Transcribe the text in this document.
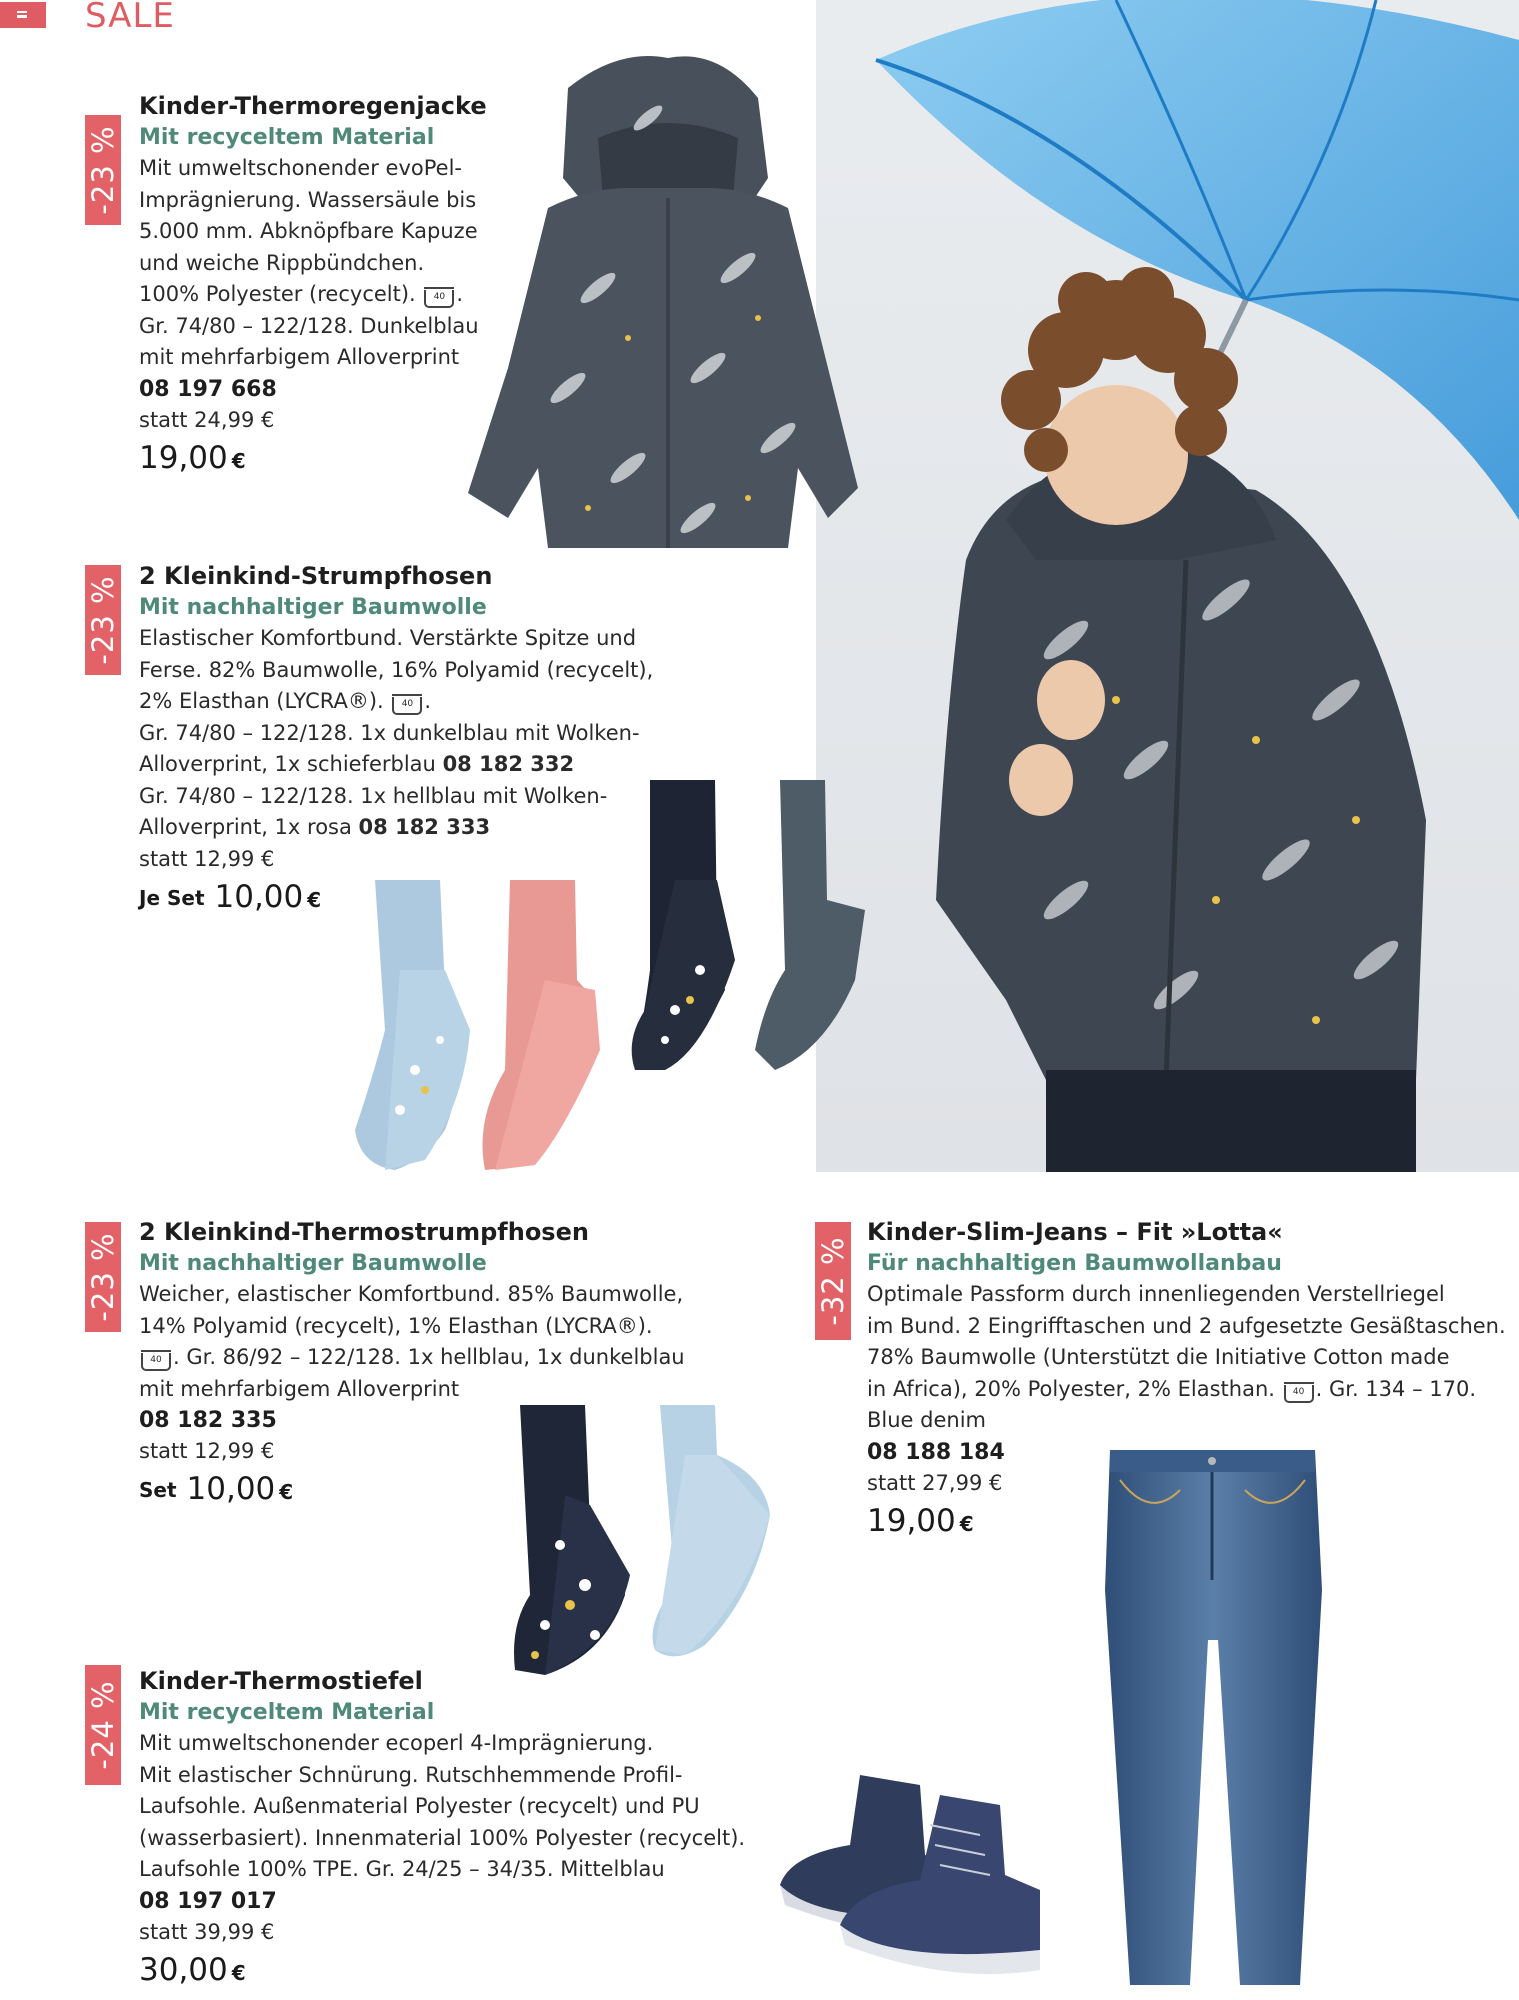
SALE
-23 %
Kinder-Thermoregenjacke
Mit recyceltem Material
Mit umweltschonender evoPel-
Imprägnierung. Wassersäule bis
5.000 mm. Abknöpfbare Kapuze
und weiche Rippbündchen.
100% Polyester (recycelt). 40 .
Gr. 74/80 – 122/128. Dunkelblau
mit mehrfarbigem Alloverprint
08 197 668
statt 24,99 €
19,00 €
-23 % 2 Kleinkind-Strumpfhosen
Mit nachhaltiger Baumwolle
Elastischer Komfortbund. Verstärkte Spitze und
Ferse. 82% Baumwolle, 16% Polyamid (recycelt),
2% Elasthan (LYCRA®). 40 .
Gr. 74/80 – 122/128. 1x dunkelblau mit Wolken-
Alloverprint, 1x schieferblau 08 182 332
Gr. 74/80 – 122/128. 1x hellblau mit Wolken-
Alloverprint, 1x rosa 08 182 333
statt 12,99 €
Je Set 10,00 €
-23 %
2 Kleinkind-Thermostrumpfhosen
Mit nachhaltiger Baumwolle
Weicher, elastischer Komfortbund. 85% Baumwolle,
14% Polyamid (recycelt), 1% Elasthan (LYCRA®).
40 . Gr. 86/92 – 122/128. 1x hellblau, 1x dunkelblau
mit mehrfarbigem Alloverprint
08 182 335
statt 12,99 €
Set 10,00 €
-32 %
Kinder-Slim-Jeans – Fit »Lotta«
Für nachhaltigen Baumwollanbau
Optimale Passform durch innenliegenden Verstellriegel
im Bund. 2 Eingrifftaschen und 2 aufgesetzte Gesäßtaschen.
78% Baumwolle (Unterstützt die Initiative Cotton made
in Africa), 20% Polyester, 2% Elasthan. 40 . Gr. 134 – 170.
Blue denim
08 188 184
statt 27,99 €
19,00 €
-24 % Kinder-Thermostiefel
Mit recyceltem Material
Mit umweltschonender ecoperl 4-Imprägnierung.
Mit elastischer Schnürung. Rutschhemmende Profil-
Laufsohle. Außenmaterial Polyester (recycelt) und PU
(wasserbasiert). Innenmaterial 100% Polyester (recycelt).
Laufsohle 100% TPE. Gr. 24/25 – 34/35. Mittelblau
08 197 017
statt 39,99 €
30,00 €
